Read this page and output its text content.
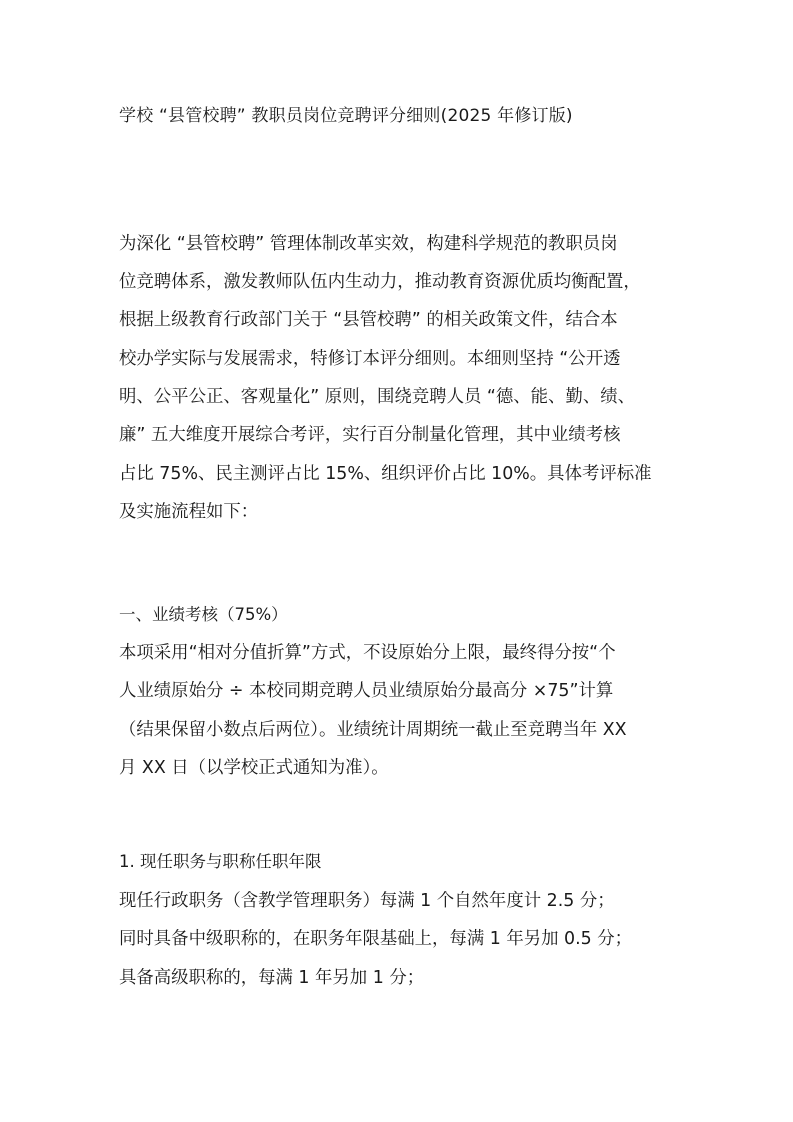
学校 “县管校聘” 教职员岗位竞聘评分细则(2025 年修订版)
为深化 “县管校聘” 管理体制改革实效，构建科学规范的教职员岗
位竞聘体系，激发教师队伍内生动力，推动教育资源优质均衡配置，
根据上级教育行政部门关于 “县管校聘” 的相关政策文件，结合本
校办学实际与发展需求，特修订本评分细则。本细则坚持 “公开透
明、公平公正、客观量化” 原则，围绕竞聘人员 “德、能、勤、绩、
廉” 五大维度开展综合考评，实行百分制量化管理，其中业绩考核
占比 75%、民主测评占比 15%、组织评价占比 10%。具体考评标准
及实施流程如下：
一、业绩考核（75%）
本项采用“相对分值折算”方式，不设原始分上限，最终得分按“个
人业绩原始分 ÷ 本校同期竞聘人员业绩原始分最高分 ×75”计算
（结果保留小数点后两位）。业绩统计周期统一截止至竞聘当年 XX
月 XX 日（以学校正式通知为准）。
1. 现任职务与职称任职年限
现任行政职务（含教学管理职务）每满 1 个自然年度计 2.5 分；
同时具备中级职称的，在职务年限基础上，每满 1 年另加 0.5 分；
具备高级职称的，每满 1 年另加 1 分；
